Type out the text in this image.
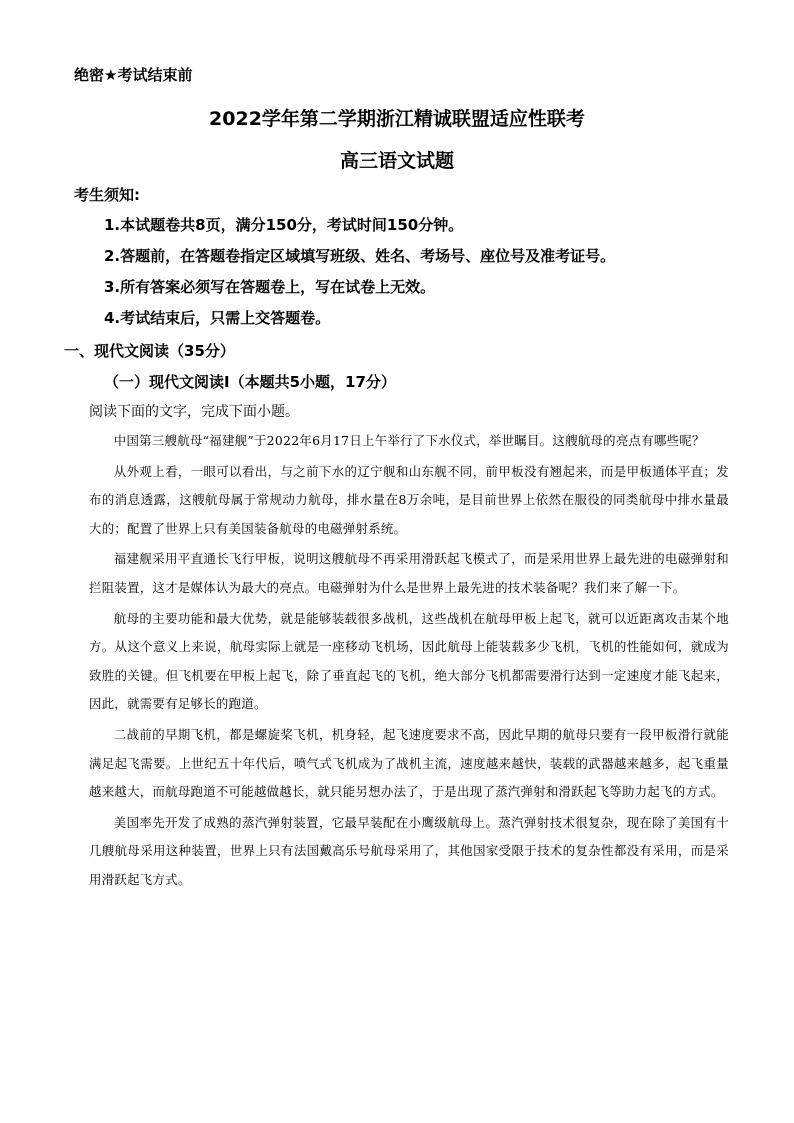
绝密★考试结束前
2022学年第二学期浙江精诚联盟适应性联考
高三语文试题
考生须知:
1.本试题卷共8页，满分150分，考试时间150分钟。
2.答题前，在答题卷指定区域填写班级、姓名、考场号、座位号及准考证号。
3.所有答案必须写在答题卷上，写在试卷上无效。
4.考试结束后，只需上交答题卷。
一、现代文阅读（35分）
（一）现代文阅读Ⅰ（本题共5小题，17分）
阅读下面的文字，完成下面小题。

中国第三艘航母“福建舰”于2022年6月17日上午举行了下水仪式，举世瞩目。这艘航母的亮点有哪些呢？

从外观上看，一眼可以看出，与之前下水的辽宁舰和山东舰不同，前甲板没有翘起来，而是甲板通体平直；发布的消息透露，这艘航母属于常规动力航母，排水量在8万余吨，是目前世界上依然在服役的同类航母中排水量最大的；配置了世界上只有美国装备航母的电磁弹射系统。

福建舰采用平直通长飞行甲板，说明这艘航母不再采用滑跃起飞模式了，而是采用世界上最先进的电磁弹射和拦阻装置，这才是媒体认为最大的亮点。电磁弹射为什么是世界上最先进的技术装备呢？我们来了解一下。

航母的主要功能和最大优势，就是能够装载很多战机，这些战机在航母甲板上起飞，就可以近距离攻击某个地方。从这个意义上来说，航母实际上就是一座移动飞机场，因此航母上能装载多少飞机，飞机的性能如何，就成为致胜的关键。但飞机要在甲板上起飞，除了垂直起飞的飞机，绝大部分飞机都需要滑行达到一定速度才能飞起来，因此，就需要有足够长的跑道。

二战前的早期飞机，都是螺旋桨飞机，机身轻，起飞速度要求不高，因此早期的航母只要有一段甲板滑行就能满足起飞需要。上世纪五十年代后，喷气式飞机成为了战机主流，速度越来越快，装载的武器越来越多，起飞重量越来越大，而航母跑道不可能越做越长，就只能另想办法了，于是出现了蒸汽弹射和滑跃起飞等助力起飞的方式。

美国率先开发了成熟的蒸汽弹射装置，它最早装配在小鹰级航母上。蒸汽弹射技术很复杂，现在除了美国有十几艘航母采用这种装置，世界上只有法国戴高乐号航母采用了，其他国家受限于技术的复杂性都没有采用，而是采用滑跃起飞方式。
